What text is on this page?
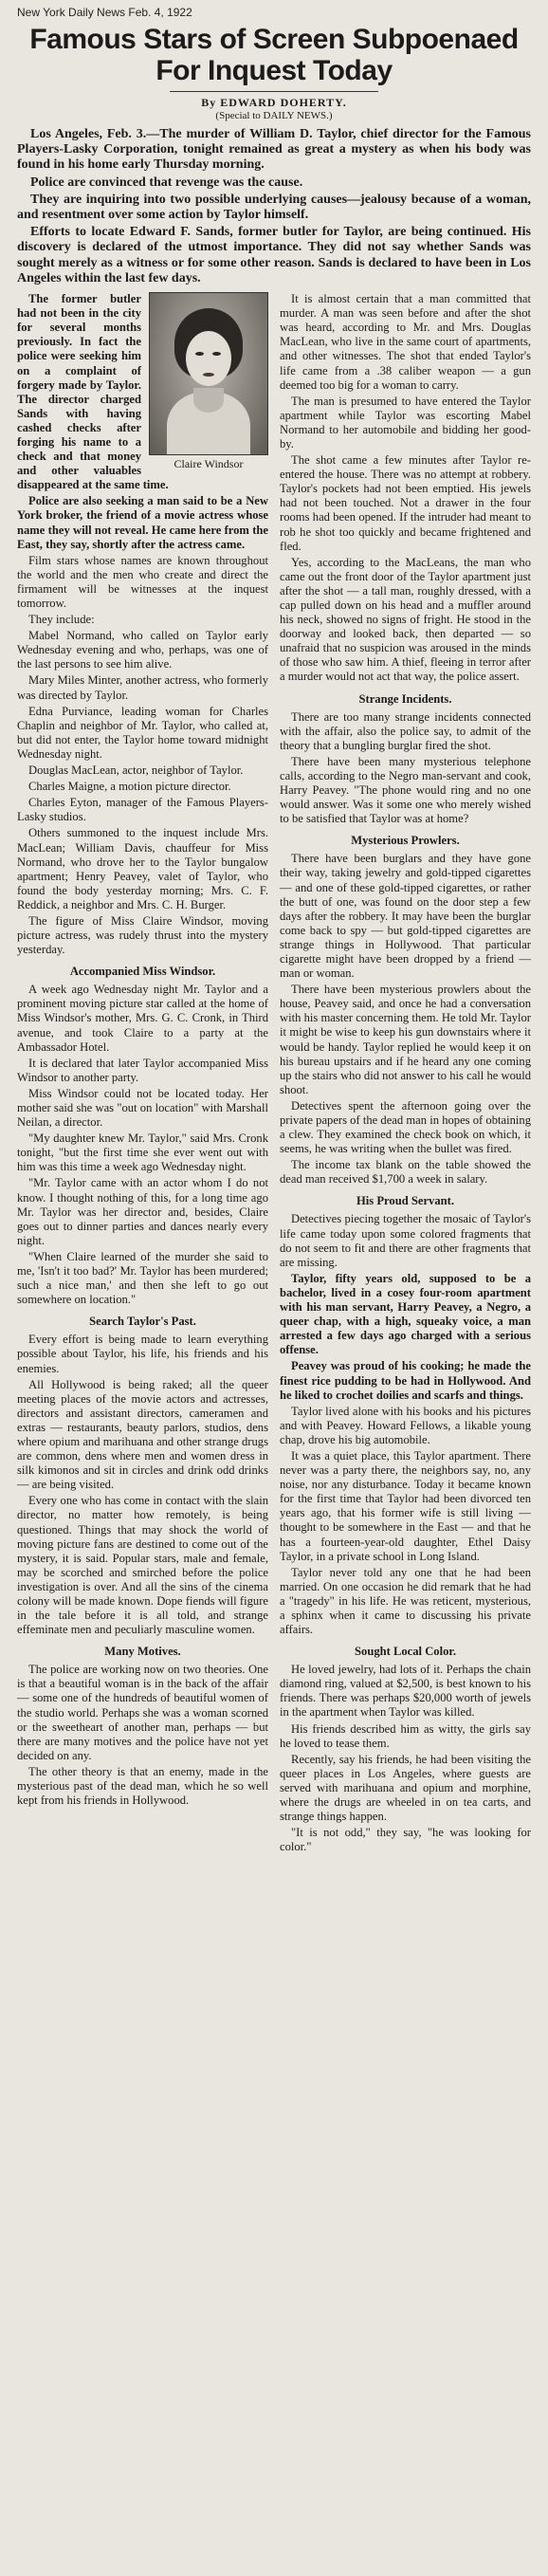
New York Daily News Feb. 4, 1922
Famous Stars of Screen Subpoenaed
For Inquest Today
By EDWARD DOHERTY.
(Special to DAILY NEWS.)

Los Angeles, Feb. 3.—The murder of William D. Taylor, chief director for the Famous Players-Lasky Corporation, tonight remained as great a mystery as when his body was found in his home early Thursday morning.

Police are convinced that revenge was the cause.

They are inquiring into two possible underlying causes—jealousy because of a woman, and resentment over some action by Taylor himself.

Efforts to locate Edward F. Sands, former butler for Taylor, are being continued. His discovery is declared of the utmost importance. They did not say whether Sands was sought merely as a witness or for some other reason. Sands is declared to have been in Los Angeles within the last few days.

Claire Windsor

The former butler had not been in the city for several months previously. In fact the police were seeking him on a complaint of forgery made by Taylor. The director charged Sands with having cashed checks after forging his name to a check and that money and other valuables disappeared at the same time.

Police are also seeking a man said to be a New York broker, the friend of a movie actress whose name they will not reveal. He came here from the East, they say, shortly after the actress came.

Film stars whose names are known throughout the world and the men who create and direct the firmament will be witnesses at the inquest tomorrow.

They include:

Mabel Normand, who called on Taylor early Wednesday evening and who, perhaps, was one of the last persons to see him alive.

Mary Miles Minter, another actress, who formerly was directed by Taylor.

Edna Purviance, leading woman for Charles Chaplin and neighbor of Mr. Taylor, who called at, but did not enter, the Taylor home toward midnight Wednesday night.

Douglas MacLean, actor, neighbor of Taylor.

Charles Maigne, a motion picture director.

Charles Eyton, manager of the Famous Players-Lasky studios.

Others summoned to the inquest include Mrs. MacLean; William Davis, chauffeur for Miss Normand, who drove her to the Taylor bungalow apartment; Henry Peavey, valet of Taylor, who found the body yesterday morning; Mrs. C. F. Reddick, a neighbor and Mrs. C. H. Burger.

The figure of Miss Claire Windsor, moving picture actress, was rudely thrust into the mystery yesterday.

Accompanied Miss Windsor.

A week ago Wednesday night Mr. Taylor and a prominent moving picture star called at the home of Miss Windsor's mother, Mrs. G. C. Cronk, in Third avenue, and took Claire to a party at the Ambassador Hotel.

It is declared that later Taylor accompanied Miss Windsor to another party.

Miss Windsor could not be located today. Her mother said she was "out on location" with Marshall Neilan, a director.

"My daughter knew Mr. Taylor," said Mrs. Cronk tonight, "but the first time she ever went out with him was this time a week ago Wednesday night.

"Mr. Taylor came with an actor whom I do not know. I thought nothing of this, for a long time ago Mr. Taylor was her director and, besides, Claire goes out to dinner parties and dances nearly every night.

"When Claire learned of the murder she said to me, 'Isn't it too bad?' Mr. Taylor has been murdered; such a nice man,' and then she left to go out somewhere on location."

Search Taylor's Past.

Every effort is being made to learn everything possible about Taylor, his life, his friends and his enemies.

All Hollywood is being raked; all the queer meeting places of the movie actors and actresses, directors and assistant directors, cameramen and extras — restaurants, beauty parlors, studios, dens where opium and marihuana and other strange drugs are common, dens where men and women dress in silk kimonos and sit in circles and drink odd drinks — are being visited.

Every one who has come in contact with the slain director, no matter how remotely, is being questioned. Things that may shock the world of moving picture fans are destined to come out of the mystery, it is said. Popular stars, male and female, may be scorched and smirched before the police investigation is over. And all the sins of the cinema colony will be made known. Dope fiends will figure in the tale before it is all told, and strange effeminate men and peculiarly masculine women.

Many Motives.

The police are working now on two theories. One is that a beautiful woman is in the back of the affair — some one of the hundreds of beautiful women of the studio world. Perhaps she was a woman scorned or the sweetheart of another man, perhaps — but there are many motives and the police have not yet decided on any.

The other theory is that an enemy, made in the mysterious past of the dead man, which he so well kept from his friends in Hollywood.

It is almost certain that a man committed that murder. A man was seen before and after the shot was heard, according to Mr. and Mrs. Douglas MacLean, who live in the same court of apartments, and other witnesses. The shot that ended Taylor's life came from a .38 caliber weapon — a gun deemed too big for a woman to carry.

The man is presumed to have entered the Taylor apartment while Taylor was escorting Mabel Normand to her automobile and bidding her good-by.

The shot came a few minutes after Taylor re-entered the house. There was no attempt at robbery. Taylor's pockets had not been emptied. His jewels had not been touched. Not a drawer in the four rooms had been opened. If the intruder had meant to rob he shot too quickly and became frightened and fled.

Yes, according to the MacLeans, the man who came out the front door of the Taylor apartment just after the shot — a tall man, roughly dressed, with a cap pulled down on his head and a muffler around his neck, showed no signs of fright. He stood in the doorway and looked back, then departed — so unafraid that no suspicion was aroused in the minds of those who saw him. A thief, fleeing in terror after a murder would not act that way, the police assert.

Strange Incidents.

There are too many strange incidents connected with the affair, also the police say, to admit of the theory that a bungling burglar fired the shot.

There have been many mysterious telephone calls, according to the Negro man-servant and cook, Harry Peavey. "The phone would ring and no one would answer. Was it some one who merely wished to be satisfied that Taylor was at home?

Mysterious Prowlers.

There have been burglars and they have gone their way, taking jewelry and gold-tipped cigarettes — and one of these gold-tipped cigarettes, or rather the butt of one, was found on the door step a few days after the robbery. It may have been the burglar come back to spy — but gold-tipped cigarettes are strange things in Hollywood. That particular cigarette might have been dropped by a friend — man or woman.

There have been mysterious prowlers about the house, Peavey said, and once he had a conversation with his master concerning them. He told Mr. Taylor it might be wise to keep his gun downstairs where it would be handy. Taylor replied he would keep it on his bureau upstairs and if he heard any one coming up the stairs who did not answer to his call he would shoot.

Detectives spent the afternoon going over the private papers of the dead man in hopes of obtaining a clew. They examined the check book on which, it seems, he was writing when the bullet was fired.

The income tax blank on the table showed the dead man received $1,700 a week in salary.

His Proud Servant.

Detectives piecing together the mosaic of Taylor's life came today upon some colored fragments that do not seem to fit and there are other fragments that are missing.

Taylor, fifty years old, supposed to be a bachelor, lived in a cosey four-room apartment with his man servant, Harry Peavey, a Negro, a queer chap, with a high, squeaky voice, a man arrested a few days ago charged with a serious offense.

Peavey was proud of his cooking; he made the finest rice pudding to be had in Hollywood. And he liked to crochet doilies and scarfs and things.

Taylor lived alone with his books and his pictures and with Peavey. Howard Fellows, a likable young chap, drove his big automobile.

It was a quiet place, this Taylor apartment. There never was a party there, the neighbors say, no, any noise, nor any disturbance. Today it became known for the first time that Taylor had been divorced ten years ago, that his former wife is still living — thought to be somewhere in the East — and that he has a fourteen-year-old daughter, Ethel Daisy Taylor, in a private school in Long Island.

Taylor never told any one that he had been married. On one occasion he did remark that he had a "tragedy" in his life. He was reticent, mysterious, a sphinx when it came to discussing his private affairs.

Sought Local Color.

He loved jewelry, had lots of it. Perhaps the chain diamond ring, valued at $2,500, is best known to his friends. There was perhaps $20,000 worth of jewels in the apartment when Taylor was killed.

His friends described him as witty, the girls say he loved to tease them.

Recently, say his friends, he had been visiting the queer places in Los Angeles, where guests are served with marihuana and opium and morphine, where the drugs are wheeled in on tea carts, and strange things happen.

"It is not odd," they say, "he was looking for color."
